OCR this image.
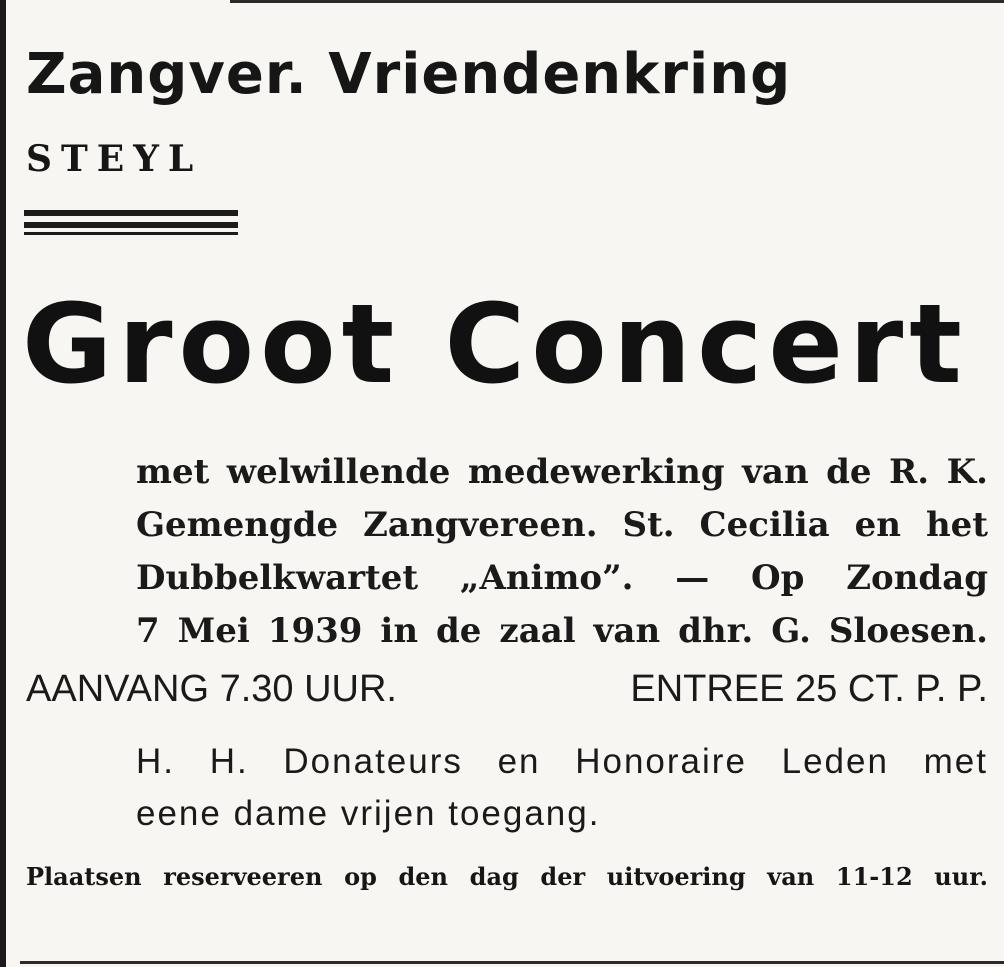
Zangver. Vriendenkring
STEYL
Groot Concert
met welwillende medewerking van de R. K.
Gemengde Zangvereen. St. Cecilia en het
Dubbelkwartet „Animo”. — Op Zondag
7 Mei 1939 in de zaal van dhr. G. Sloesen.
AANVANG 7.30 UUR.	ENTREE 25 CT. P. P.
H. H. Donateurs en Honoraire Leden met
eene dame vrijen toegang.
Plaatsen reserveeren op den dag der uitvoering van 11-12 uur.
